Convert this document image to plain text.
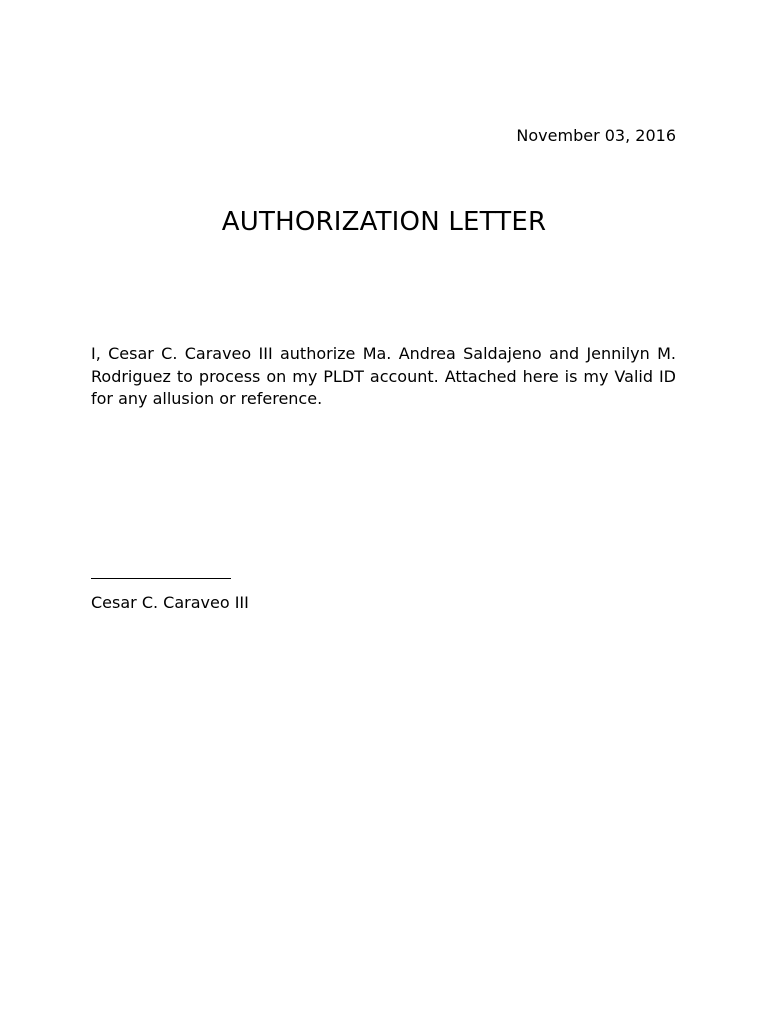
November 03, 2016
AUTHORIZATION LETTER
I, Cesar C. Caraveo III authorize Ma. Andrea Saldajeno and Jennilyn M. Rodriguez to process on my PLDT account. Attached here is my Valid ID for any allusion or reference.
Cesar C. Caraveo III
